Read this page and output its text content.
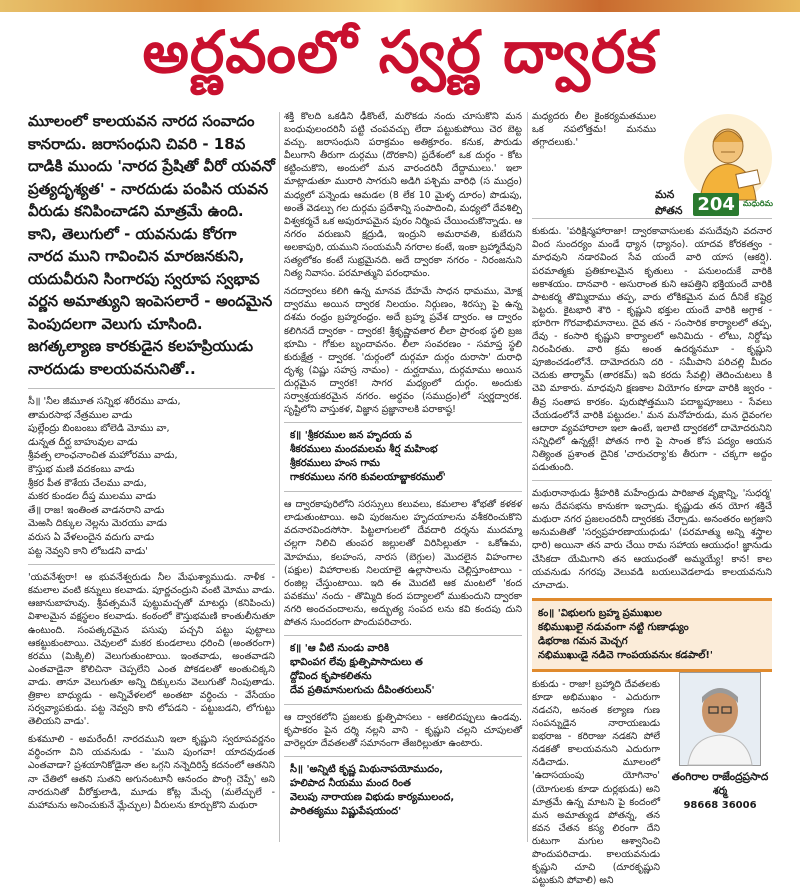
అర్ణవంలో స్వర్ణ ద్వారక

మూలంలో కాలయవన నారద సంవాదం కానరాదు. జరాసంధుని చివరి - 18వ దాడికి ముందు 'నారద ప్రేషితో వీరో యవనో ప్రత్యదృశ్యత' - నారదుడు పంపిన యవన వీరుడు కనిపించాడని మాత్రమే ఉంది. కాని, తెలుగులో - యవనుడు కోరగా నారద ముని గావించిన మారజనకుని, యదువీరుని సింగారపు స్వరూప స్వభావ వర్ణన అమాత్యుని ఇంపెసలారే - అందమైన పెంపుదలగా వెలుగు చూసింది. జగత్కల్యాణ కారకుడైన కలహప్రియుడు నారదుడు కాలయవనునితో..

సీ॥ 'నీల జీమూత సన్నిభ శరీరము వాడు,
తామరసాభ నేత్రముల వాడు
పుల్లేంద్రు బింబంబు బోలెడి మోము వా,
డున్నత దీర్ఘ బాహువుల వాడు
శ్రీవత్స లాంఛనాంచిత మహోరము వాడు,
కౌస్తుభ మణి వదకంబు వాడు
శ్రీకర పీత కౌశేయ చేలము వాడు,
మకర కుండల దీప్త ములము వాడు
తే॥ రాజ! ఇంతింత వాడనరాని వాడు
మెఱసి దిక్కుల నెల్లను మెరయు వాడు
వరుస ఏ వేళలందైన వదుగు వాడు
పట్ట నెవ్వని కాని లోబడని వాడు'

'యవనేశ్వరా! ఆ భువనేశ్వరుడు నీల మేఘశ్యాముడు. నాళీక - కమలాల వంటి కన్నులు కలవాడు. పూర్ణచంద్రుని వంటి మోము వాడు. ఆజానుబాహువు. శ్రీవత్సమనే పుట్టుమచ్చతో మాటర్లు (కనిపించు) విశాలమైన వక్షస్థలం కలవాడు. కంఠంలో కౌస్తుభమణి కాంతులీనుతూ ఉంటుంది. సంపత్కరమైన పసుపు పచ్చని పట్టు పుట్టాలు ఆకట్టుకుంటాయి. చెవులలో మకర కుండలాలు ధరించి (అంతరంగా) కరము (మిక్కిలి) వెలుగుతుంటాయి. ఇంతవాడు, అంతవాడని ఎంతవాడైనా కొలిచినా చెప్పలేని ఎంత పోకడలతో అంతుచిక్కని వాడు. తానూ వెలుగుతూ అన్ని దిక్కులను వెలుగుతో నింపుతాడు. త్రికాల బాధ్యుడు - అన్నివేళలలో అంతటా వర్ధించు - వేసేయం సర్వవ్యాపకుడు. పట్ట నెవ్వని కాని లోపడని - పట్టుబడని, లోగుట్టు తెలియని వాడు'.

కుశమూలి - అమరేందీ! నారదముని ఇలా కృష్ణుని స్వరూపవర్ణనం వర్ధించగా విని యవనుడు - 'ముని పుంగవా! యాదవుడంత ఎంతవాడా? ప్రశయానికోడైనా తల ఒగ్గని నన్నెదిరిస్తే కదనంలో ఆతనిని నా చేతిలో ఆతని సుతని అగునంటూనీ ఆనందం పొంగ్గి చెప్పే' అని నారదునితో వీరోక్తులాడి, మూడు కోట్ల మేచ్ఛ (మలేచ్ఛులే - మహామను అనించుకునే మ్లేచ్ఛుల) వీరులను కూర్చుకొని మథురా

శక్తి కొలది ఒకడిని ఢీకొంటే, మరొకడు నందు చూసుకొని మన బంధువులందరినీ పట్టి చంపవచ్చు లేదా పట్టుకుపోయి చెర బెట్ట వచ్చు. జరాసంధుని పరాక్రమం అతిక్రూరం. కనుక, పౌరుడు వీలుగాని తీరుగా దుర్గము (దొరకాని) ప్రదేశంలో ఒక దుర్గం - కోట కట్టించుకొని, అందులో మన వారందరినీ దేద్దాములు.' ఇలా మాట్లాడుతూ మురారి సాగరుని అడిగి పశ్చిమ వారిధి (స ముద్రం) మధ్యలో పన్నెండు ఆమడల (8 లేక 10 మైళ్ళ దూరం) పొడుపు, అంతే వెడల్పు గల దుర్గమ ప్రదేశాన్ని సంపాదించి, మధ్యలో దేవశిల్పి విశ్వకర్మచే ఒక అపురూపమైన పురం నిర్మింప చేయించుకొన్నాడు. ఆ నగరం వరుణుని క్షద్రుడి, ఇంద్రుని అమరావతి, కుబేరుని అలకాపురి, యముని సంయమనీ నగరాల కంటే, ఇంకా బ్రహ్మాదేవుని సత్యలోకం కంటే సుభ్రమైనది. అదే ద్వారకా నగరం - నిరంజనుని నిత్య నివాసం. పరమాత్ముని పరంధామం.

నదద్వారలు కలిగి ఉన్న మానవ దేహమే సాధన ధామము, మోక్ష ద్వారము అయిన ద్వారక నిలయం. నిర్గుణం, శిరస్సు పై ఉన్న దశమ రంధ్రం బ్రహ్మరంధ్రం. అదే బ్రహ్మ ప్రవేశ ద్వారం. ఆ ద్వారం కలిగినదే ద్వారకా - ద్వారక! శ్రీకృష్ణావతార లీలా ప్రారంభ స్థలి బ్రజ భూమి - గోకుల బృందావనం. లీలా సంవరణం - సమాప్త స్థలి కురుక్షేత్ర - ద్వారక. 'దుర్గంలో దుర్గమా దుర్గం దురాసా' దురాధి దృశ్య (విష్ణు సహస్ర నామం) - దుర్ఘదాము, దుర్గమాము అయిన దుర్గమైన ద్వారక! సాగర మధ్యంలో దుర్గం. అందుకు సర్వాశ్రయకరమైన నగరం. అర్ధవం (సముద్రం)లో స్వర్ణద్వారక. సృష్టిలోని వాస్తుకళ, విజ్ఞాన ప్రజ్ఞానాలకి పరాకాష్ఠ!

క॥ 'శ్రీకరముల జన హృదయ వ
శీకరములు మందమలమ శీర్ష మహింభ
శ్రీకరములు హంస గామ
గాకరములు నగరి కువలయాబ్జాకరముల్'

ఆ ద్వారకాపురిలోని సరస్సులు కలువలు, కమలాల శోభతో కళకళ లాడుతుంటాయి. అవి పురజనుల హృదయాలను వశీకరించుకొని వదనారవిందసోసా. పిట్టలాగులలో దేవదారి దర్శను ముదమ్మా చల్లగా నిలిచి తుంపర జల్లులతో విరిసిల్లుతూ - ఒకోఉమ, మోహము, కలహంస, నారస (బెగ్గుల) మొదలైన విహంగాల (పక్షుల) విహారాలకు నిలయాలై ఉల్లాసాలను చెల్లిస్తూంటాయి - రంజిల్ల చేస్తుంటాయి. ఇది ఈ మొదటి ఆక మంటలో 'కంద పవకము' నందు - తొమ్మిది కంద పద్యాలలో ముకుందుని ద్వారకా నగరి అందచందాలను, అద్భుత్య సంపద లను కవి కందపు దుని పోతన సుందరంగా పొందుపరిచారు.

క॥ 'ఆ వీటి నుండు వారికి
భావింపగ లేవు క్షుత్పిపాసాదులు త
ద్దోవింద కృపాకలితను
దేవ ప్రతిమానులగుచు దీపింతరులున్'

ఆ ద్వారకలోని ప్రజలకు క్షుత్పిపాసలు - ఆకలిదప్పులు ఉండవు. కృపాకరం పైన దర్శి నల్లని వాని - కృష్ణుని చల్లని చూపులతో వారెల్లరూ దేవతలతో సమానంగా తేజరిల్లుతూ ఉంటారు.

సీ॥ 'అన్నిటి కృష్ణ మిథునాపయోముదం,
హలిపాద నీయము మంద రింత
వెలుపు నారాయణ విభుడు కార్యములంద,
పారితక్యము విష్ణుపేషయంద'

మన పోతన 204	మధురిమ

మధ్యదరు లీల కైంకర్యమతముల ఒక నపలోత్తమ! మనము తగ్గాదలుకు.'

కుకుడు. 'పరిక్షిన్మహారాజా! ద్వారకావాసులకు వసుదేవుని వదనార వింద సుందర్యం మండే ధ్యాన (ధ్యానం). యాదవ కోరకత్వం - మాధవుని నడారవింద సేవ యందే వారి యాస (ఆకర్షి). పరమాత్మకు ప్రతికూలమైన కృతులు - పనులందుకే వారికి అకాశయం. దానవారి - అసురాంత కుని ఆపత్తిని భక్తియందే వారికి పాటకర్మ తొమ్మిదాము తప్ప, వారు లోకికమైన మద దీనికే కష్టెర్ర పెట్టరు. కైటభారి శౌరి - కృష్ణుని భక్తుల యందే వారికి అగ్రాక - భూరిగా గొరవాభిమానాలు. దైవ తన - సంసారిక కార్యాలలో తప్ప, దేవు - కంసారి కృష్ణుని కార్యాలలో అనిమిదు - లోటు, నిర్దోషు నిరంపిరతు. వారి క్రమ అంత ఉదర్మనమూ - కృష్ణుని పూజించడంలోనే. దామోదరుని దరి - సమీపాని పరిచల్లి మీదం చెదుకు తార్మామ్ (తారకమ్) ఇవి కరదు సేవల్లి) తెదించుటలు కి చెవి మాకారు. మాధవుని క్షణకాల వియోగం కూడా వారికి జ్వరం - తీవ్ర సంతాప కారకం. పురుషోత్తముని పదాబ్జపూజలు - సేవలు చేయడంలోనే వారికి పట్టుదల.' మన మనోహరుడు, మన దైవంగల ఆదారా వ్యవహారాలా ఇలా ఉంటే, ఇలాటి ద్వారకలో దామోదరునిని సన్నిధిలో ఉన్నట్లే! పోతన గారి పై సాంత కోస పద్యం ఆయన నిత్యింత ప్రశాంత దైనిక 'చారుచర్యా'కు తీరుగా - చక్కగా అద్దం పడుతుంది.

మథురానాథుడు శ్రీహరికి మహేంద్రుడు పారిజాత వృక్షాన్ని, 'సుధర్మ' అను దేవసభను కానుకగా ఇచ్చాడు. కృష్ణుడు తన యోగ శక్తిచే మథురా నగర ప్రజలందరినీ ద్వారకకు చేర్చాడు. అనంతరం అగ్రజుని అనుమతితో 'సర్వప్రహరణాయుధుడు' (పరమాత్ము అన్ని శస్త్రాల ధారి) అయినా తన వారు చేయి రామ సహాయ ఆయుధం! జ్ఞానుడు చేసికదా యేమిగాని తన ఆయుధంతో అమ్మయ్యే! కాన! కాల యవనుడు నగరపు వెలువడి బయలువెడలాడు కాలయవనుని చూచాడు.

కం॥ 'విభులగు బ్రహ్మ ప్రముఖుల
కభిముఖులై నడువంగా నట్టి గుణాఢ్యుం
డిభరాజ గమన మెచ్చగ
నభిముఖుఁడై నడిచె గాంపయవనుఁ కడపాల్!'

కుకుడు - రాజా! బ్రహ్మాది దేవతలకు కూడా అభిముఖం - ఎదురుగా నడచని, అనంత కల్యాణ గుణ సంపన్నుడైన నారాయణుడు ఐభరాజ - కరిరాజు నడకని పోలే నడకతో కాలయవనుని ఎదురుగా నడిచాడు. మూలంలో 'ఉదాసయంపు యోగినాం' (యోగులకు కూడా దుర్లభుడు) అని మాత్రమే ఉన్న మాటని పై కందంలో మన అమాత్యుడ పోతన్న, తన కవన చేతన కస్య లిరంగా దేని రుటుగా మగుల ఆశ్వానించి పొందుపరిచాడు. కాలయవనుడు కృష్ణుని చూచి (దూరకృష్ణుని పట్టుకుని పోవాలి) అని

తంగిరాల రాజేంద్రప్రసాద శర్మ
98668 36006
